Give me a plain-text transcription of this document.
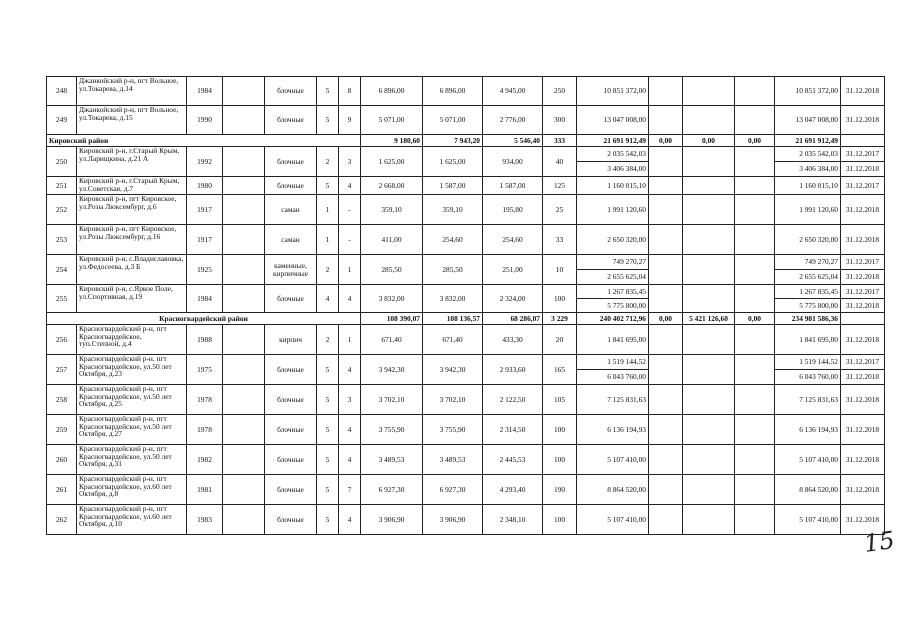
248	Джанкойский р-н, пгт Вольное, ул.Токарева, д.14	1984		блочные	5	8	6 896,00	6 896,00	4 945,00	250	10 851 372,00				10 851 372,00	31.12.2018
249	Джанкойский р-н, пгт Вольное, ул.Токарева, д.15	1990		блочные	5	9	5 071,00	5 071,00	2 776,00	300	13 047 008,00				13 047 008,00	31.12.2018
Кировский район							9 180,60	7 943,20	5 546,40	333	21 691 912,49	0,00	0,00	0,00	21 691 912,49	
250	Кировский р-н, г.Старый Крым, ул.Ларищкина, д.21 А	1992		блочные	2	3	1 625,00	1 625,00	934,00	40	2 035 542,03				2 035 542,03	31.12.2017
											3 406 384,00				3 406 384,00	31.12.2018
251	Кировский р-н, г.Старый Крым, ул.Советская, д.7	1980		блочные	5	4	2 668,00	1 587,00	1 587,00	125	1 160 015,10				1 160 015,10	31.12.2017
252	Кировский р-н, пгт Кировское, ул.Розы Люксембург, д.6	1917		саман	1	-	359,10	359,10	195,80	25	1 991 120,60				1 991 120,60	31.12.2018
253	Кировский р-н, пгт Кировское, ул.Розы Люксембург, д.16	1917		саман	1	-	411,00	254,60	254,60	33	2 650 320,00				2 650 320,00	31.12.2018
254	Кировский р-н, с.Владиславовка, ул.Федосеева, д.3 Б	1925		каменные, кирпичные	2	1	285,50	285,50	251,00	10	749 270,27				749 270,27	31.12.2017
											2 655 625,04				2 655 625,04	31.12.2018
255	Кировский р-н, с.Яркое Поле, ул.Спортивная, д.19	1984		блочные	4	4	3 832,00	3 832,00	2 324,00	100	1 267 835,45				1 267 835,45	31.12.2017
											5 775 800,00				5 775 800,00	31.12.2018
Красногвардейский район							108 390,07	108 136,57	68 286,07	3 229	240 402 712,96	0,00	5 421 126,60	0,00	234 981 586,36	
256	Красногвардейский р-н, пгт Красногвардейское, туп.Степной, д.4	1988		кирпич	2	1	671,40	671,40	433,30	20	1 841 695,00				1 841 695,00	31.12.2018
257	Красногвардейский р-н, пгт Красногвардейское, ул.50 лет Октября, д.23	1975		блочные	5	4	3 942,30	3 942,30	2 933,60	165	1 519 144,52				1 519 144,52	31.12.2017
											6 043 760,00				6 043 760,00	31.12.2018
258	Красногвардейский р-н, пгт Красногвардейское, ул.50 лет Октября, д.25	1978		блочные	5	3	3 702,10	3 702,10	2 122,50	105	7 125 831,63				7 125 831,63	31.12.2018
259	Красногвардейский р-н, пгт Красногвардейское, ул.50 лет Октября, д.27	1978		блочные	5	4	3 755,90	3 755,90	2 314,50	100	6 136 194,93				6 136 194,93	31.12.2018
260	Красногвардейский р-н, пгт Красногвардейское, ул.50 лет Октября, д.31	1982		блочные	5	4	3 489,53	3 489,53	2 445,53	100	5 107 410,00				5 107 410,00	31.12.2018
261	Красногвардейский р-н, пгт Красногвардейское, ул.60 лет Октября, д.8	1981		блочные	5	7	6 927,30	6 927,30	4 293,40	190	8 864 520,00				8 864 520,00	31.12.2018
262	Красногвардейский р-н, пгт Красногвардейское, ул.60 лет Октября, д.10	1983		блочные	5	4	3 906,90	3 906,90	2 348,10	100	5 107 410,00				5 107 410,00	31.12.2018
15
